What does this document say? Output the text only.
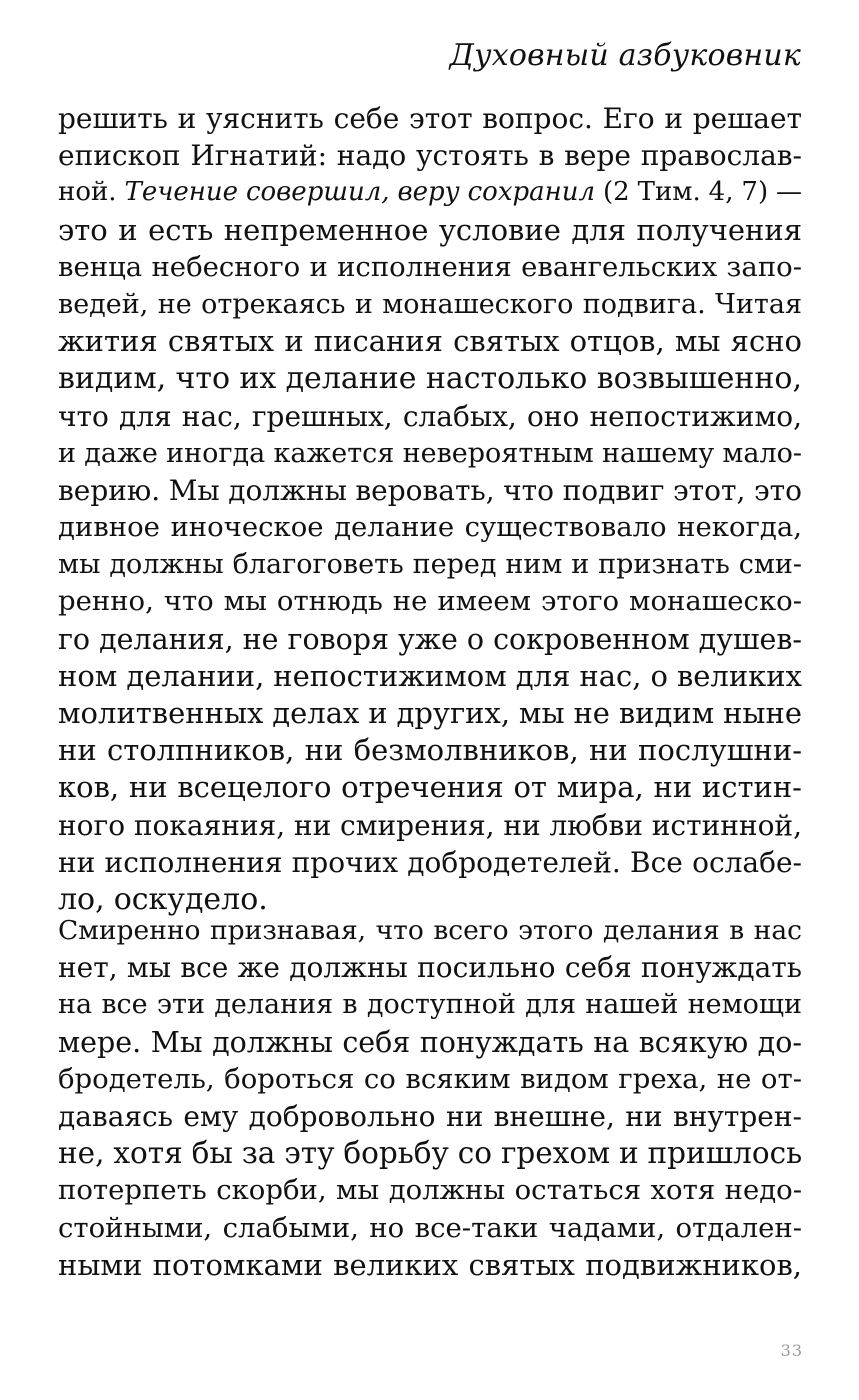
Духовный азбуковник
решить и уяснить себе этот вопрос. Его и решает
епископ Игнатий: надо устоять в вере православ-
ной. Течение совершил, веру сохранил (2 Тим. 4, 7) —
это и есть непременное условие для получения
венца небесного и исполнения евангельских запо-
ведей, не отрекаясь и монашеского подвига. Читая
жития святых и писания святых отцов, мы ясно
видим, что их делание настолько возвышенно,
что для нас, грешных, слабых, оно непостижимо,
и даже иногда кажется невероятным нашему мало-
верию. Мы должны веровать, что подвиг этот, это
дивное иноческое делание существовало некогда,
мы должны благоговеть перед ним и признать сми-
ренно, что мы отнюдь не имеем этого монашеско-
го делания, не говоря уже о сокровенном душев-
ном делании, непостижимом для нас, о великих
молитвенных делах и других, мы не видим ныне
ни столпников, ни безмолвников, ни послушни-
ков, ни всецелого отречения от мира, ни истин-
ного покаяния, ни смирения, ни любви истинной,
ни исполнения прочих добродетелей. Все ослабе-
ло, оскудело.
Смиренно признавая, что всего этого делания в нас
нет, мы все же должны посильно себя понуждать
на все эти делания в доступной для нашей немощи
мере. Мы должны себя понуждать на всякую до-
бродетель, бороться со всяким видом греха, не от-
даваясь ему добровольно ни внешне, ни внутрен-
не, хотя бы за эту борьбу со грехом и пришлось
потерпеть скорби, мы должны остаться хотя недо-
стойными, слабыми, но все-таки чадами, отдален-
ными потомками великих святых подвижников,
33
